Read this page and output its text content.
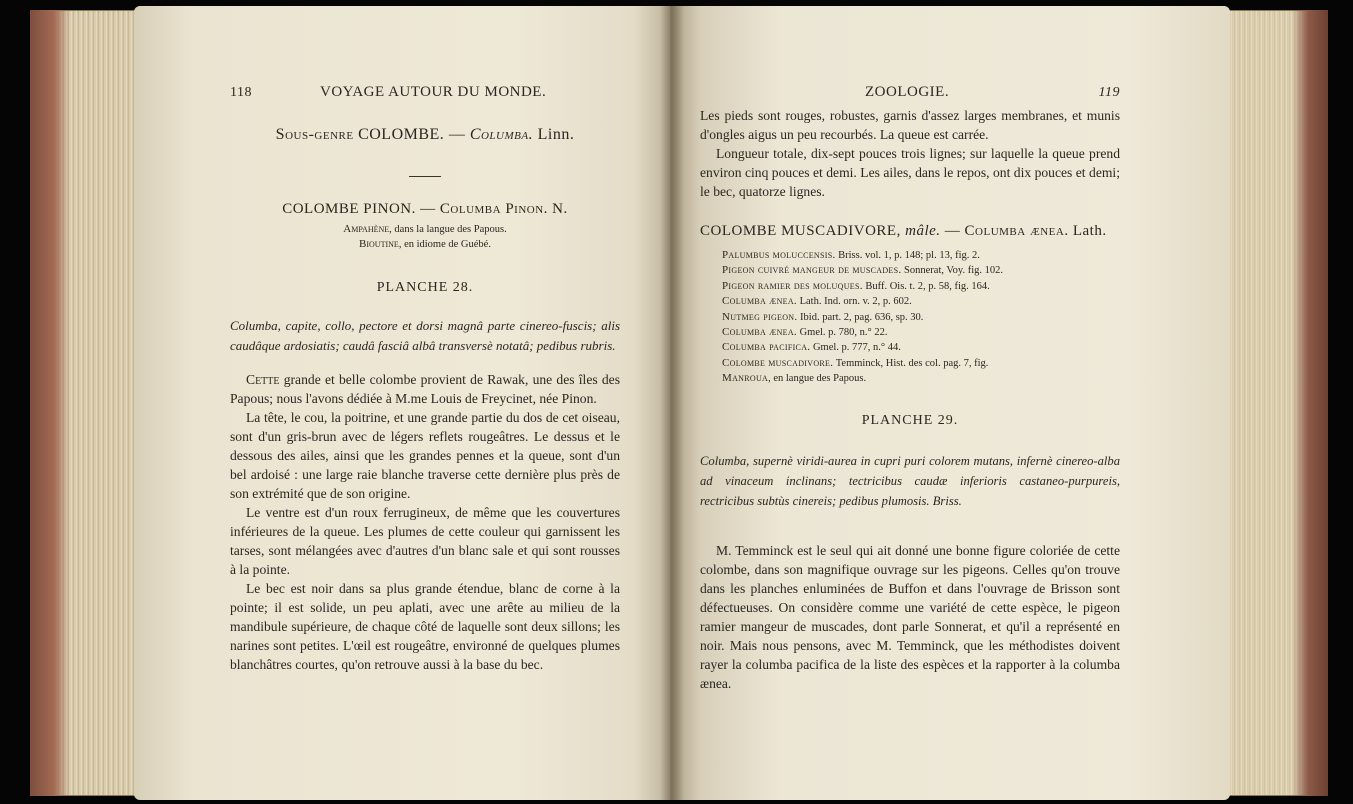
118	VOYAGE AUTOUR DU MONDE.
Sous-genre COLOMBE. — Columba. Linn.
COLOMBE PINON. — Columba Pinon. N.
Ampahène, dans la langue des Papous.
Bioutine, en idiome de Guébé.
PLANCHE 28.
Columba, capite, collo, pectore et dorsi magnâ parte cinereo-fuscis; alis caudâque ardosiatis; caudâ fasciâ albâ transversè notatâ; pedibus rubris.

Cette grande et belle colombe provient de Rawak, une des îles des Papous; nous l'avons dédiée à M.me Louis de Freycinet, née Pinon.

La tête, le cou, la poitrine, et une grande partie du dos de cet oiseau, sont d'un gris-brun avec de légers reflets rougeâtres. Le dessus et le dessous des ailes, ainsi que les grandes pennes et la queue, sont d'un bel ardoisé : une large raie blanche traverse cette dernière plus près de son extrémité que de son origine.

Le ventre est d'un roux ferrugineux, de même que les couvertures inférieures de la queue. Les plumes de cette couleur qui garnissent les tarses, sont mélangées avec d'autres d'un blanc sale et qui sont rousses à la pointe.

Le bec est noir dans sa plus grande étendue, blanc de corne à la pointe; il est solide, un peu aplati, avec une arête au milieu de la mandibule supérieure, de chaque côté de laquelle sont deux sillons; les narines sont petites. L'œil est rougeâtre, environné de quelques plumes blanchâtres courtes, qu'on retrouve aussi à la base du bec.

ZOOLOGIE.	119

Les pieds sont rouges, robustes, garnis d'assez larges membranes, et munis d'ongles aigus un peu recourbés. La queue est carrée.

Longueur totale, dix-sept pouces trois lignes; sur laquelle la queue prend environ cinq pouces et demi. Les ailes, dans le repos, ont dix pouces et demi; le bec, quatorze lignes.

COLOMBE MUSCADIVORE, mâle. — Columba ænea. Lath.
Palumbus moluccensis. Briss. vol. 1, p. 148; pl. 13, fig. 2.
Pigeon cuivré mangeur de muscades. Sonnerat, Voy. fig. 102.
Pigeon ramier des moluques. Buff. Ois. t. 2, p. 58, fig. 164.
Columba ænea. Lath. Ind. orn. v. 2, p. 602.
Nutmeg pigeon. Ibid. part. 2, pag. 636, sp. 30.
Columba ænea. Gmel. p. 780, n.° 22.
Columba pacifica. Gmel. p. 777, n.° 44.
Colombe muscadivore. Temminck, Hist. des col. pag. 7, fig.
Manroua, en langue des Papous.
PLANCHE 29.
Columba, supernè viridi-aurea in cupri puri colorem mutans, infernè cinereo-alba ad vinaceum inclinans; tectricibus caudæ inferioris castaneo-purpureis, rectricibus subtùs cinereis; pedibus plumosis. Briss.

M. Temminck est le seul qui ait donné une bonne figure coloriée de cette colombe, dans son magnifique ouvrage sur les pigeons. Celles qu'on trouve dans les planches enluminées de Buffon et dans l'ouvrage de Brisson sont défectueuses. On considère comme une variété de cette espèce, le pigeon ramier mangeur de muscades, dont parle Sonnerat, et qu'il a représenté en noir. Mais nous pensons, avec M. Temminck, que les méthodistes doivent rayer la columba pacifica de la liste des espèces et la rapporter à la columba ænea.
